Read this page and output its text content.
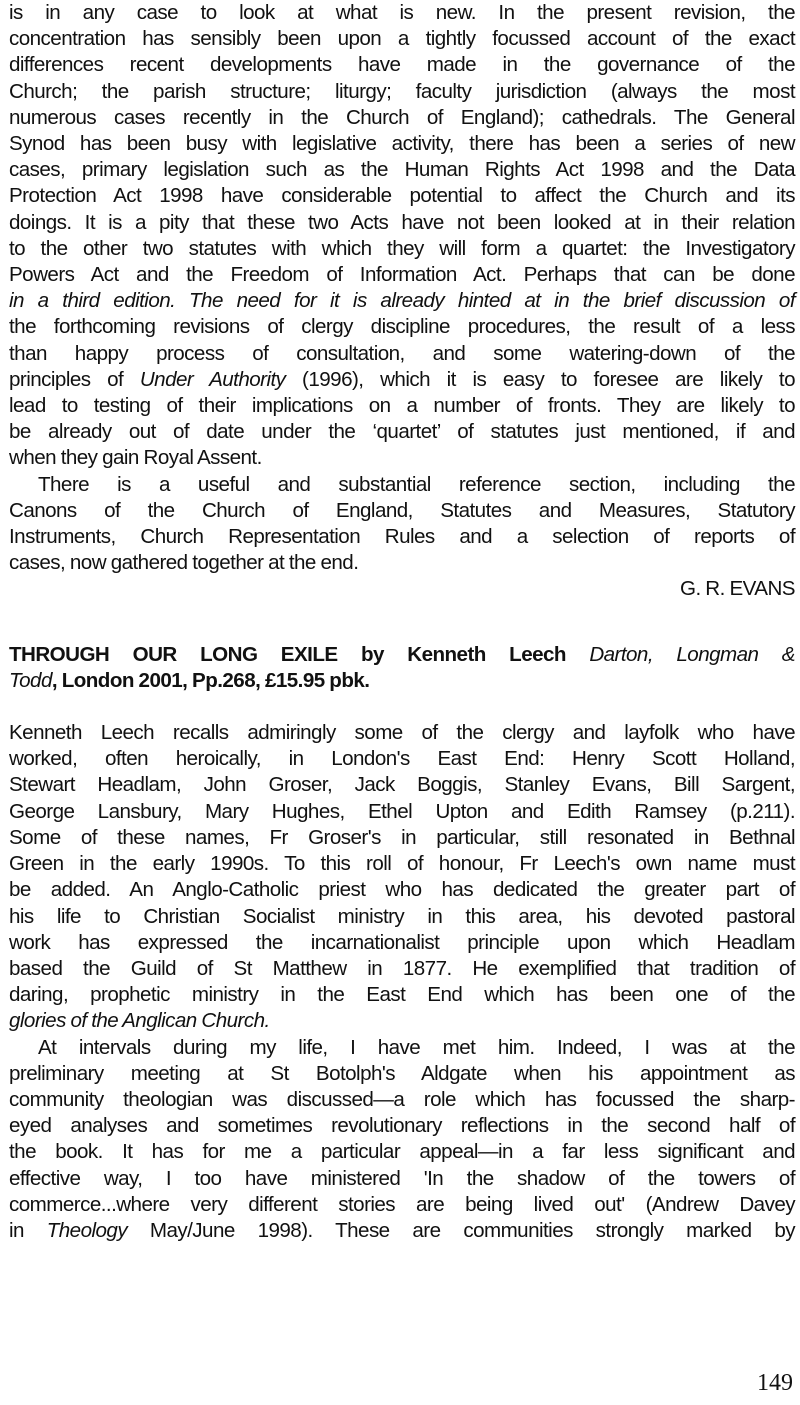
is in any case to look at what is new. In the present revision, the
concentration has sensibly been upon a tightly focussed account of the exact
differences recent developments have made in the governance of the
Church; the parish structure; liturgy; faculty jurisdiction (always the most
numerous cases recently in the Church of England); cathedrals. The General
Synod has been busy with legislative activity, there has been a series of new
cases, primary legislation such as the Human Rights Act 1998 and the Data
Protection Act 1998 have considerable potential to affect the Church and its
doings. It is a pity that these two Acts have not been looked at in their relation
to the other two statutes with which they will form a quartet: the Investigatory
Powers Act and the Freedom of Information Act. Perhaps that can be done
in a third edition. The need for it is already hinted at in the brief discussion of
the forthcoming revisions of clergy discipline procedures, the result of a less
than happy process of consultation, and some watering-down of the
principles of Under Authority (1996), which it is easy to foresee are likely to
lead to testing of their implications on a number of fronts. They are likely to
be already out of date under the ‘quartet’ of statutes just mentioned, if and
when they gain Royal Assent.
There is a useful and substantial reference section, including the
Canons of the Church of England, Statutes and Measures, Statutory
Instruments, Church Representation Rules and a selection of reports of
cases, now gathered together at the end.

G. R. EVANS

THROUGH OUR LONG EXILE by Kenneth Leech Darton, Longman &
Todd, London 2001, Pp.268, £15.95 pbk.
Kenneth Leech recalls admiringly some of the clergy and layfolk who have
worked, often heroically, in London's East End: Henry Scott Holland,
Stewart Headlam, John Groser, Jack Boggis, Stanley Evans, Bill Sargent,
George Lansbury, Mary Hughes, Ethel Upton and Edith Ramsey (p.211).
Some of these names, Fr Groser's in particular, still resonated in Bethnal
Green in the early 1990s. To this roll of honour, Fr Leech's own name must
be added. An Anglo-Catholic priest who has dedicated the greater part of
his life to Christian Socialist ministry in this area, his devoted pastoral
work has expressed the incarnationalist principle upon which Headlam
based the Guild of St Matthew in 1877. He exemplified that tradition of
daring, prophetic ministry in the East End which has been one of the
glories of the Anglican Church.
At intervals during my life, I have met him. Indeed, I was at the
preliminary meeting at St Botolph's Aldgate when his appointment as
community theologian was discussed—a role which has focussed the sharp-
eyed analyses and sometimes revolutionary reflections in the second half of
the book. It has for me a particular appeal—in a far less significant and
effective way, I too have ministered 'In the shadow of the towers of
commerce...where very different stories are being lived out' (Andrew Davey
in Theology May/June 1998). These are communities strongly marked by
149
